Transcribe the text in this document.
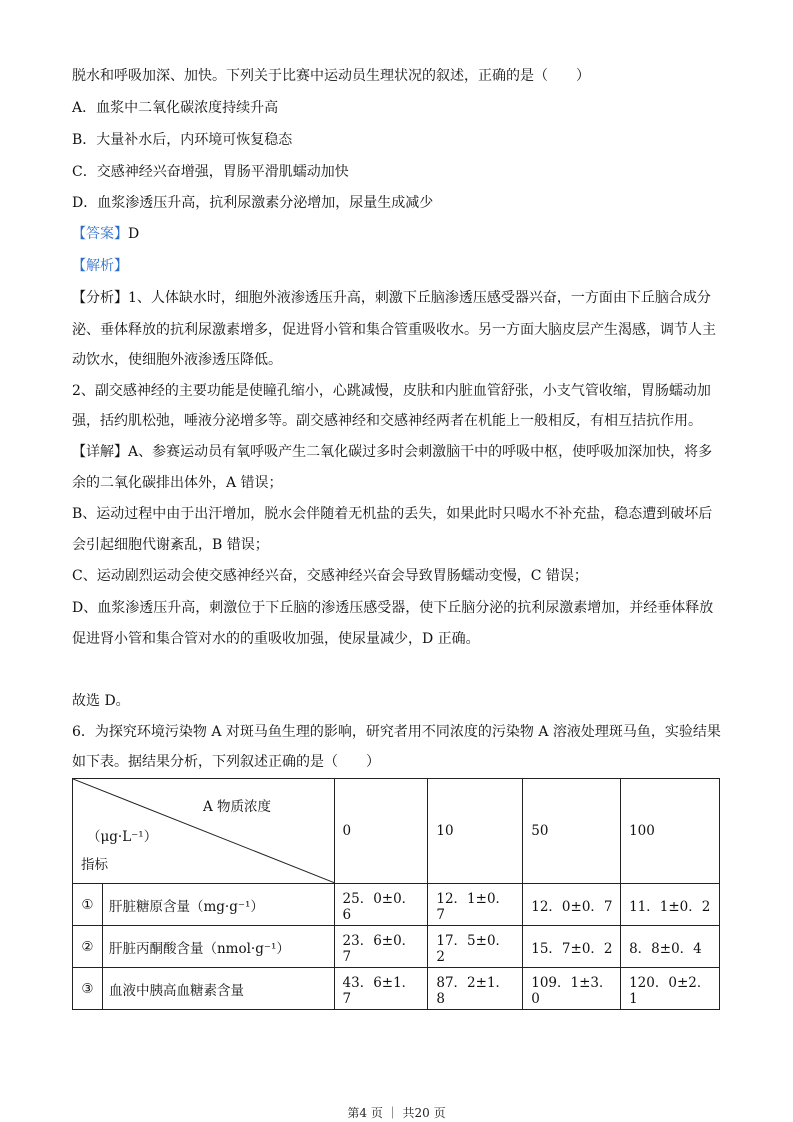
脱水和呼吸加深、加快。下列关于比赛中运动员生理状况的叙述，正确的是（　　）
A．血浆中二氧化碳浓度持续升高
B．大量补水后，内环境可恢复稳态
C．交感神经兴奋增强，胃肠平滑肌蠕动加快
D．血浆渗透压升高，抗利尿激素分泌增加，尿量生成减少
【答案】D
【解析】
【分析】1、人体缺水时，细胞外液渗透压升高，刺激下丘脑渗透压感受器兴奋，一方面由下丘脑合成分
泌、垂体释放的抗利尿激素增多，促进肾小管和集合管重吸收水。另一方面大脑皮层产生渴感，调节人主
动饮水，使细胞外液渗透压降低。
2、副交感神经的主要功能是使瞳孔缩小，心跳减慢，皮肤和内脏血管舒张，小支气管收缩，胃肠蠕动加
强，括约肌松弛，唾液分泌增多等。副交感神经和交感神经两者在机能上一般相反，有相互拮抗作用。
【详解】A、参赛运动员有氧呼吸产生二氧化碳过多时会刺激脑干中的呼吸中枢，使呼吸加深加快，将多
余的二氧化碳排出体外，A 错误；
B、运动过程中由于出汗增加，脱水会伴随着无机盐的丢失，如果此时只喝水不补充盐，稳态遭到破坏后
会引起细胞代谢紊乱，B 错误；
C、运动剧烈运动会使交感神经兴奋，交感神经兴奋会导致胃肠蠕动变慢，C 错误；
D、血浆渗透压升高，刺激位于下丘脑的渗透压感受器，使下丘脑分泌的抗利尿激素增加，并经垂体释放
促进肾小管和集合管对水的的重吸收加强，使尿量减少，D 正确。
故选 D。
6．为探究环境污染物 A 对斑马鱼生理的影响，研究者用不同浓度的污染物 A 溶液处理斑马鱼，实验结果
如下表。据结果分析，下列叙述正确的是（　　）
A 物质浓度
（μg·L⁻¹）
指标		0	10	50	100
①	肝脏糖原含量（mg·g⁻¹）	25．0±0．6	12．1±0．7	12．0±0．7	11．1±0．2
②	肝脏丙酮酸含量（nmol·g⁻¹）	23．6±0．7	17．5±0．2	15．7±0．2	8．8±0．4
③	血液中胰高血糖素含量	43．6±1．7	87．2±1．8	109．1±3．0	120．0±2．1
第4 页 ｜ 共20 页
